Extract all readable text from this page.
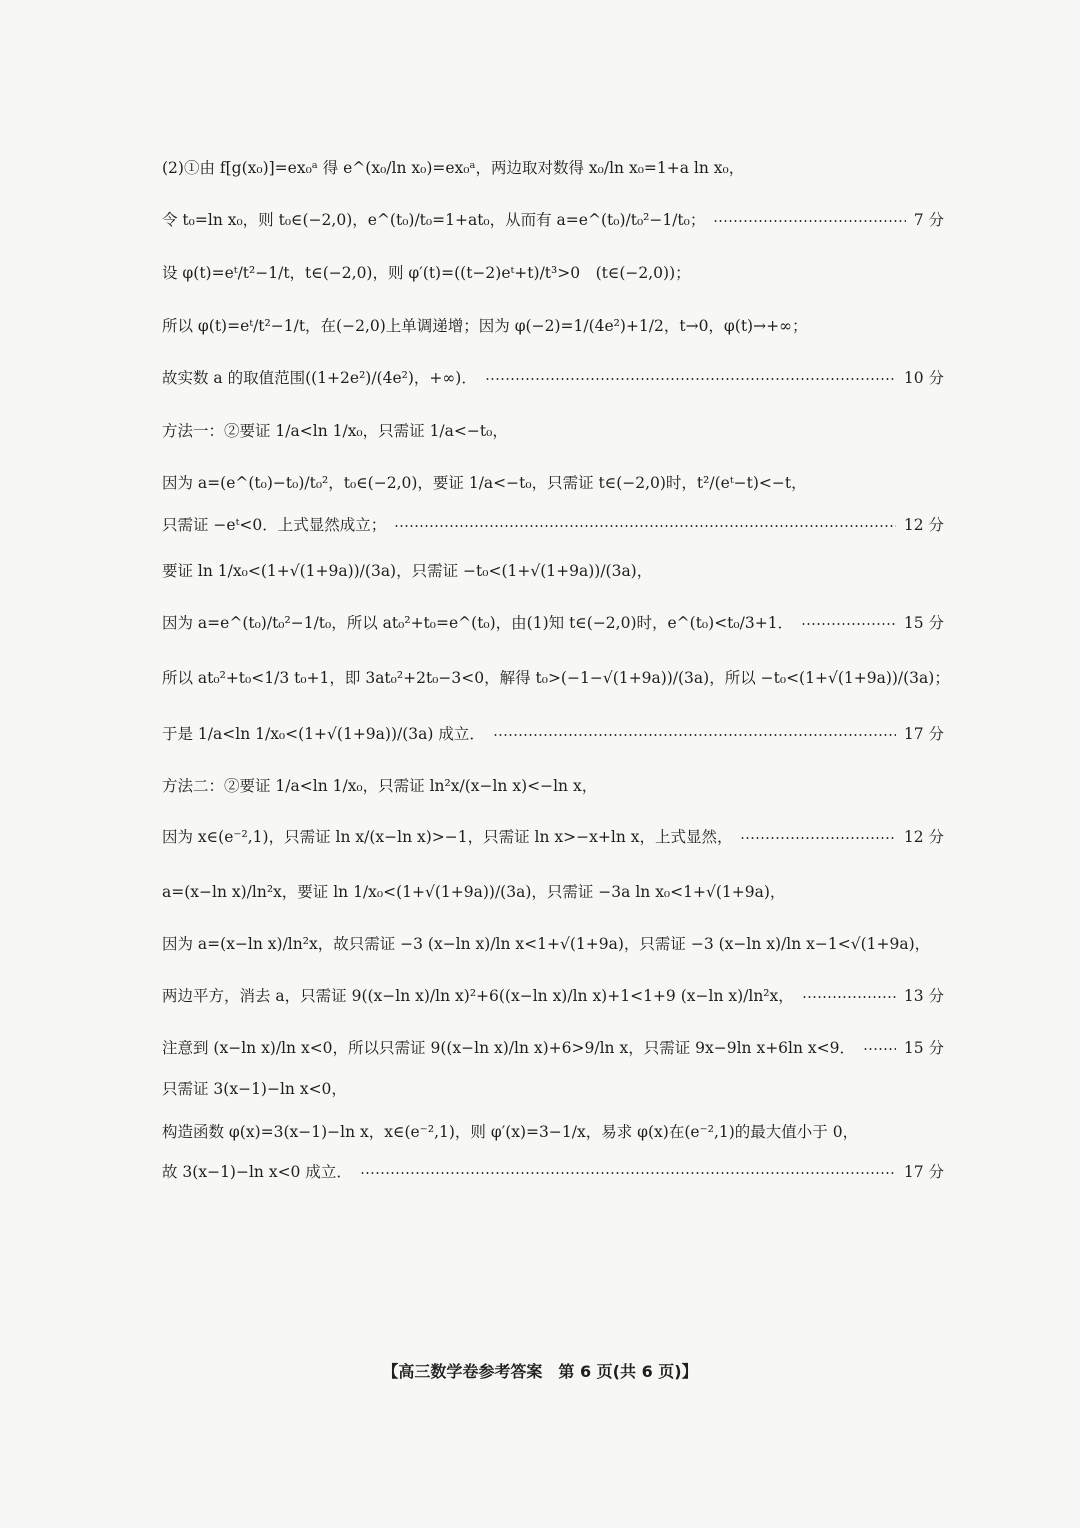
(2)①由 f[g(x₀)]=ex₀ᵃ 得 e^(x₀/ln x₀)=ex₀ᵃ，两边取对数得 x₀/ln x₀=1+a ln x₀，
令 t₀=ln x₀，则 t₀∈(−2,0)，e^(t₀)/t₀=1+at₀，从而有 a=e^(t₀)/t₀²−1/t₀；	7 分
设 φ(t)=eᵗ/t²−1/t，t∈(−2,0)，则 φ′(t)=((t−2)eᵗ+t)/t³>0　(t∈(−2,0))；
所以 φ(t)=eᵗ/t²−1/t，在(−2,0)上单调递增；因为 φ(−2)=1/(4e²)+1/2，t→0，φ(t)→+∞；
故实数 a 的取值范围((1+2e²)/(4e²)，+∞)．	10 分
方法一：②要证 1/a<ln 1/x₀，只需证 1/a<−t₀，
因为 a=(e^(t₀)−t₀)/t₀²，t₀∈(−2,0)，要证 1/a<−t₀，只需证 t∈(−2,0)时，t²/(eᵗ−t)<−t，
只需证 −eᵗ<0．上式显然成立；	12 分
要证 ln 1/x₀<(1+√(1+9a))/(3a)，只需证 −t₀<(1+√(1+9a))/(3a)，
因为 a=e^(t₀)/t₀²−1/t₀，所以 at₀²+t₀=e^(t₀)，由(1)知 t∈(−2,0)时，e^(t₀)<t₀/3+1．	15 分
所以 at₀²+t₀<1/3 t₀+1，即 3at₀²+2t₀−3<0，解得 t₀>(−1−√(1+9a))/(3a)，所以 −t₀<(1+√(1+9a))/(3a)；
于是 1/a<ln 1/x₀<(1+√(1+9a))/(3a) 成立．	17 分
方法二：②要证 1/a<ln 1/x₀，只需证 ln²x/(x−ln x)<−ln x，
因为 x∈(e⁻²,1)，只需证 ln x/(x−ln x)>−1，只需证 ln x>−x+ln x，上式显然，	12 分
a=(x−ln x)/ln²x，要证 ln 1/x₀<(1+√(1+9a))/(3a)，只需证 −3a ln x₀<1+√(1+9a)，
因为 a=(x−ln x)/ln²x，故只需证 −3 (x−ln x)/ln x<1+√(1+9a)，只需证 −3 (x−ln x)/ln x−1<√(1+9a)，
两边平方，消去 a，只需证 9((x−ln x)/ln x)²+6((x−ln x)/ln x)+1<1+9 (x−ln x)/ln²x，	13 分
注意到 (x−ln x)/ln x<0，所以只需证 9((x−ln x)/ln x)+6>9/ln x，只需证 9x−9ln x+6ln x<9．	15 分
只需证 3(x−1)−ln x<0，
构造函数 φ(x)=3(x−1)−ln x，x∈(e⁻²,1)，则 φ′(x)=3−1/x，易求 φ(x)在(e⁻²,1)的最大值小于 0，
故 3(x−1)−ln x<0 成立．	17 分
【高三数学卷参考答案　第 6 页(共 6 页)】
